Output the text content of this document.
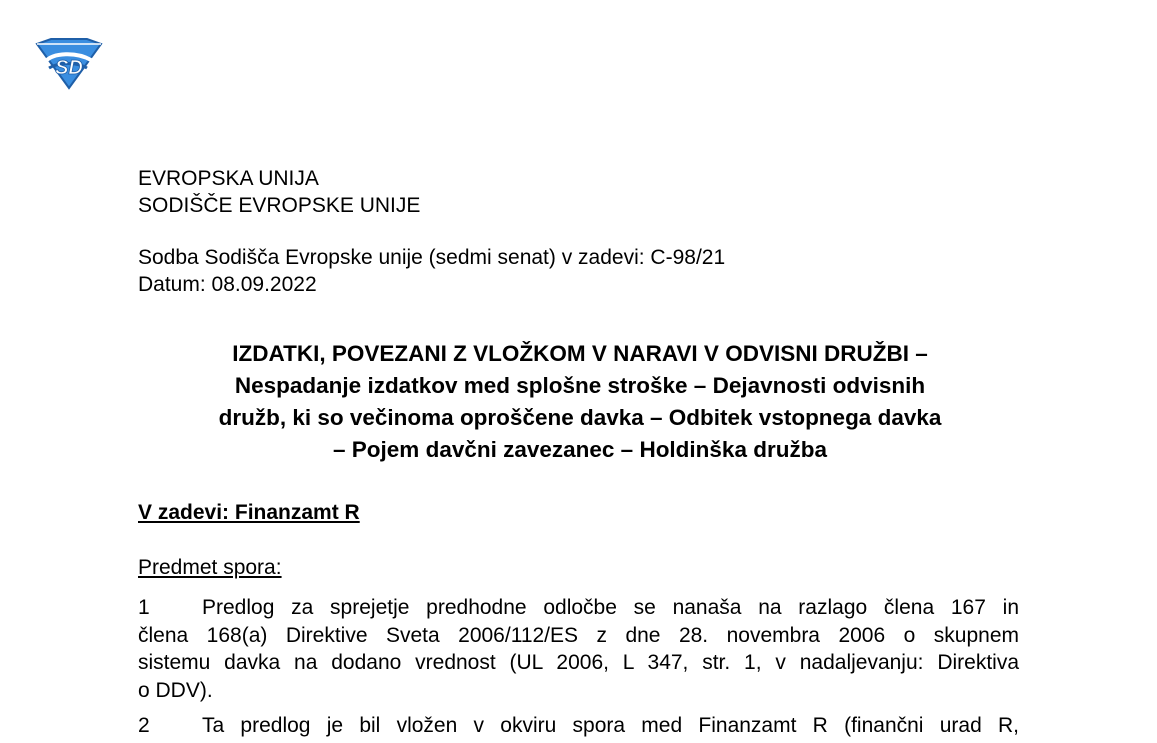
SD
EVROPSKA UNIJA
SODIŠČE EVROPSKE UNIJE
Sodba Sodišča Evropske unije (sedmi senat) v zadevi: C-98/21
Datum: 08.09.2022
IZDATKI, POVEZANI Z VLOŽKOM V NARAVI V ODVISNI DRUŽBI –
Nespadanje izdatkov med splošne stroške – Dejavnosti odvisnih
družb, ki so večinoma oproščene davka – Odbitek vstopnega davka
– Pojem davčni zavezanec – Holdinška družba
V zadevi: Finanzamt R
Predmet spora:
1 Predlog za sprejetje predhodne odločbe se nanaša na razlago člena 167 in
člena 168(a) Direktive Sveta 2006/112/ES z dne 28. novembra 2006 o skupnem
sistemu davka na dodano vrednost (UL 2006, L 347, str. 1, v nadaljevanju: Direktiva
o DDV).
2 Ta predlog je bil vložen v okviru spora med Finanzamt R (finančni urad R,
